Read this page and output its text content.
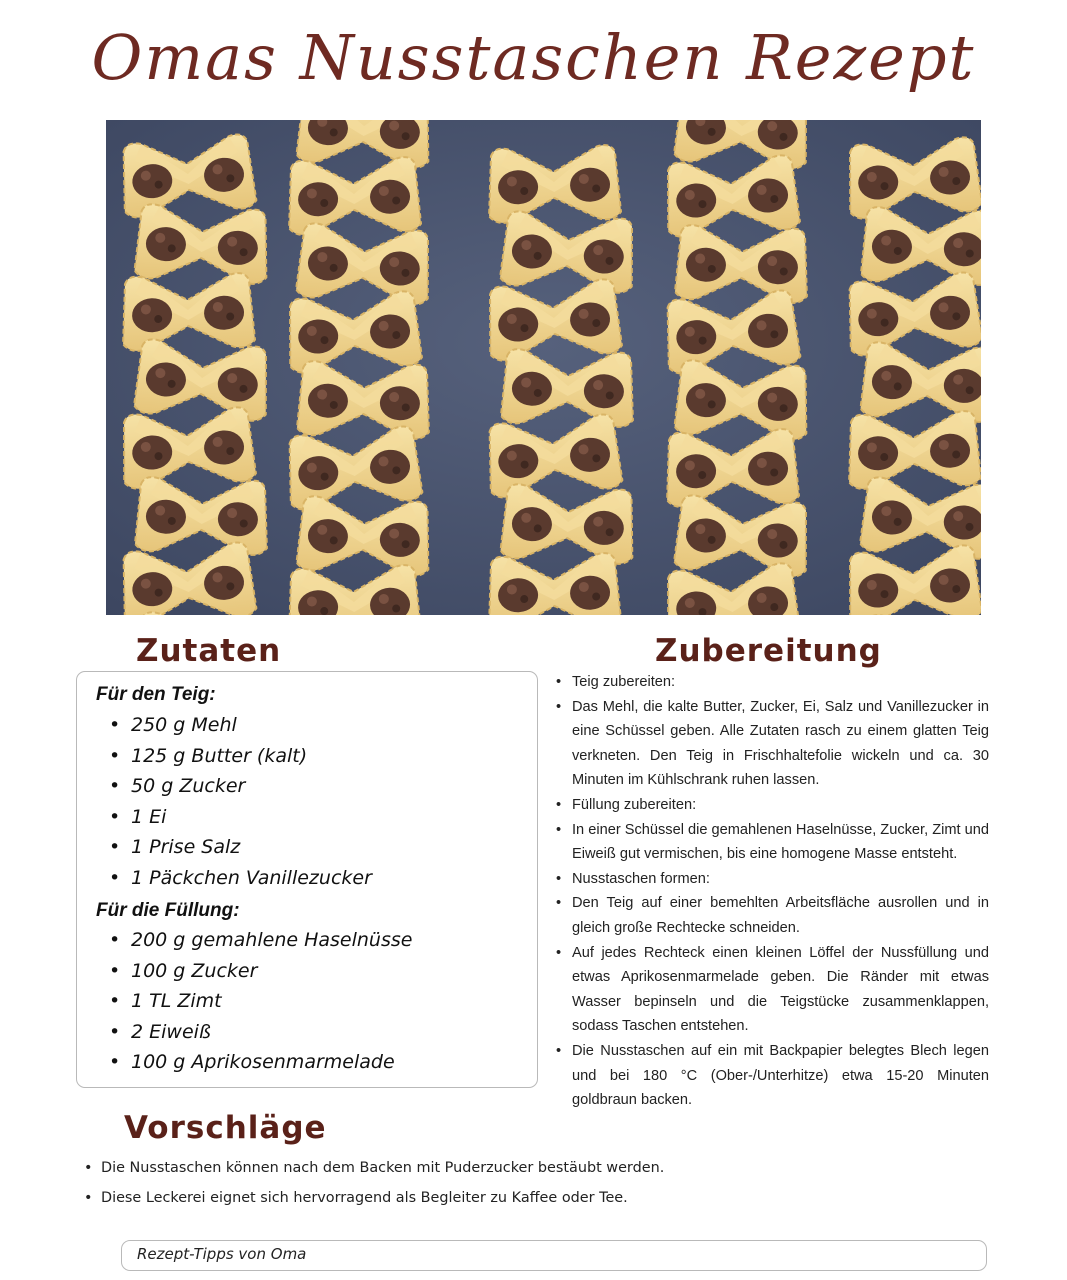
Omas Nusstaschen Rezept
Zutaten	Zubereitung
Für den Teig:
• 250 g Mehl
• 125 g Butter (kalt)
• 50 g Zucker
• 1 Ei
• 1 Prise Salz
• 1 Päckchen Vanillezucker
Für die Füllung:
• 200 g gemahlene Haselnüsse
• 100 g Zucker
• 1 TL Zimt
• 2 Eiweiß
• 100 g Aprikosenmarmelade
• Teig zubereiten:
• Das Mehl, die kalte Butter, Zucker, Ei, Salz und Vanillezucker in eine Schüssel geben. Alle Zutaten rasch zu einem glatten Teig verkneten. Den Teig in Frischhaltefolie wickeln und ca. 30 Minuten im Kühlschrank ruhen lassen.
• Füllung zubereiten:
• In einer Schüssel die gemahlenen Haselnüsse, Zucker, Zimt und Eiweiß gut vermischen, bis eine homogene Masse entsteht.
• Nusstaschen formen:
• Den Teig auf einer bemehlten Arbeitsfläche ausrollen und in gleich große Rechtecke schneiden.
• Auf jedes Rechteck einen kleinen Löffel der Nussfüllung und etwas Aprikosenmarmelade geben. Die Ränder mit etwas Wasser bepinseln und die Teigstücke zusammenklappen, sodass Taschen entstehen.
• Die Nusstaschen auf ein mit Backpapier belegtes Blech legen und bei 180 °C (Ober-/Unterhitze) etwa 15-20 Minuten goldbraun backen.
Vorschläge
• Die Nusstaschen können nach dem Backen mit Puderzucker bestäubt werden.
• Diese Leckerei eignet sich hervorragend als Begleiter zu Kaffee oder Tee.
Rezept-Tipps von Oma
